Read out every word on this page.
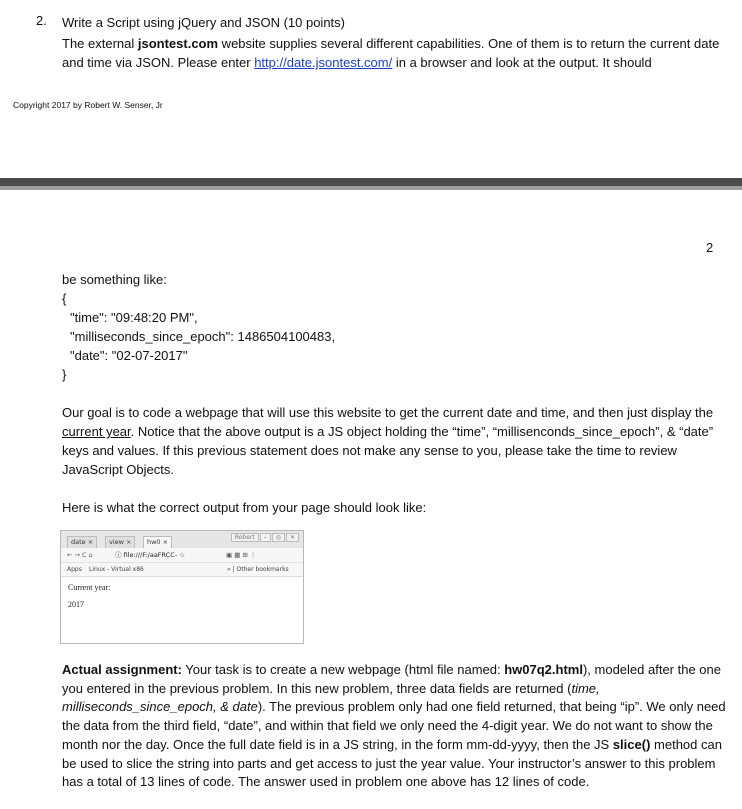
2. Write a Script using jQuery and JSON (10 points)

The external jsontest.com website supplies several different capabilities. One of them is to return the current date and time via JSON. Please enter http://date.jsontest.com/ in a browser and look at the output. It should

Copyright 2017 by Robert W. Senser, Jr
2
be something like:
{
"time": "09:48:20 PM",
"milliseconds_since_epoch": 1486504100483,
"date": "02-07-2017"
}

Our goal is to code a webpage that will use this website to get the current date and time, and then just display the current year. Notice that the above output is a JS object holding the “time”, “millisenconds_since_epoch”, & “date” keys and values. If this previous statement does not make any sense to you, please take the time to review JavaScript Objects.

Here is what the correct output from your page should look like:

date ×	view ×	hw0 ×
Robert – ◎ ✕
← → C ⌂	ⓘ file:///F:/aaFRCC- ☆	▣ ▦ ⊞ ⋮
Apps Linux - Virtual x86	» | Other bookmarks
Current year:
2017

Actual assignment: Your task is to create a new webpage (html file named: hw07q2.html), modeled after the one you entered in the previous problem. In this new problem, three data fields are returned (time, milliseconds_since_epoch, & date). The previous problem only had one field returned, that being “ip”. We only need the data from the third field, “date”, and within that field we only need the 4-digit year. We do not want to show the month nor the day. Once the full date field is in a JS string, in the form mm-dd-yyyy, then the JS slice() method can be used to slice the string into parts and get access to just the year value. Your instructor’s answer to this problem has a total of 13 lines of code. The answer used in problem one above has 12 lines of code.
